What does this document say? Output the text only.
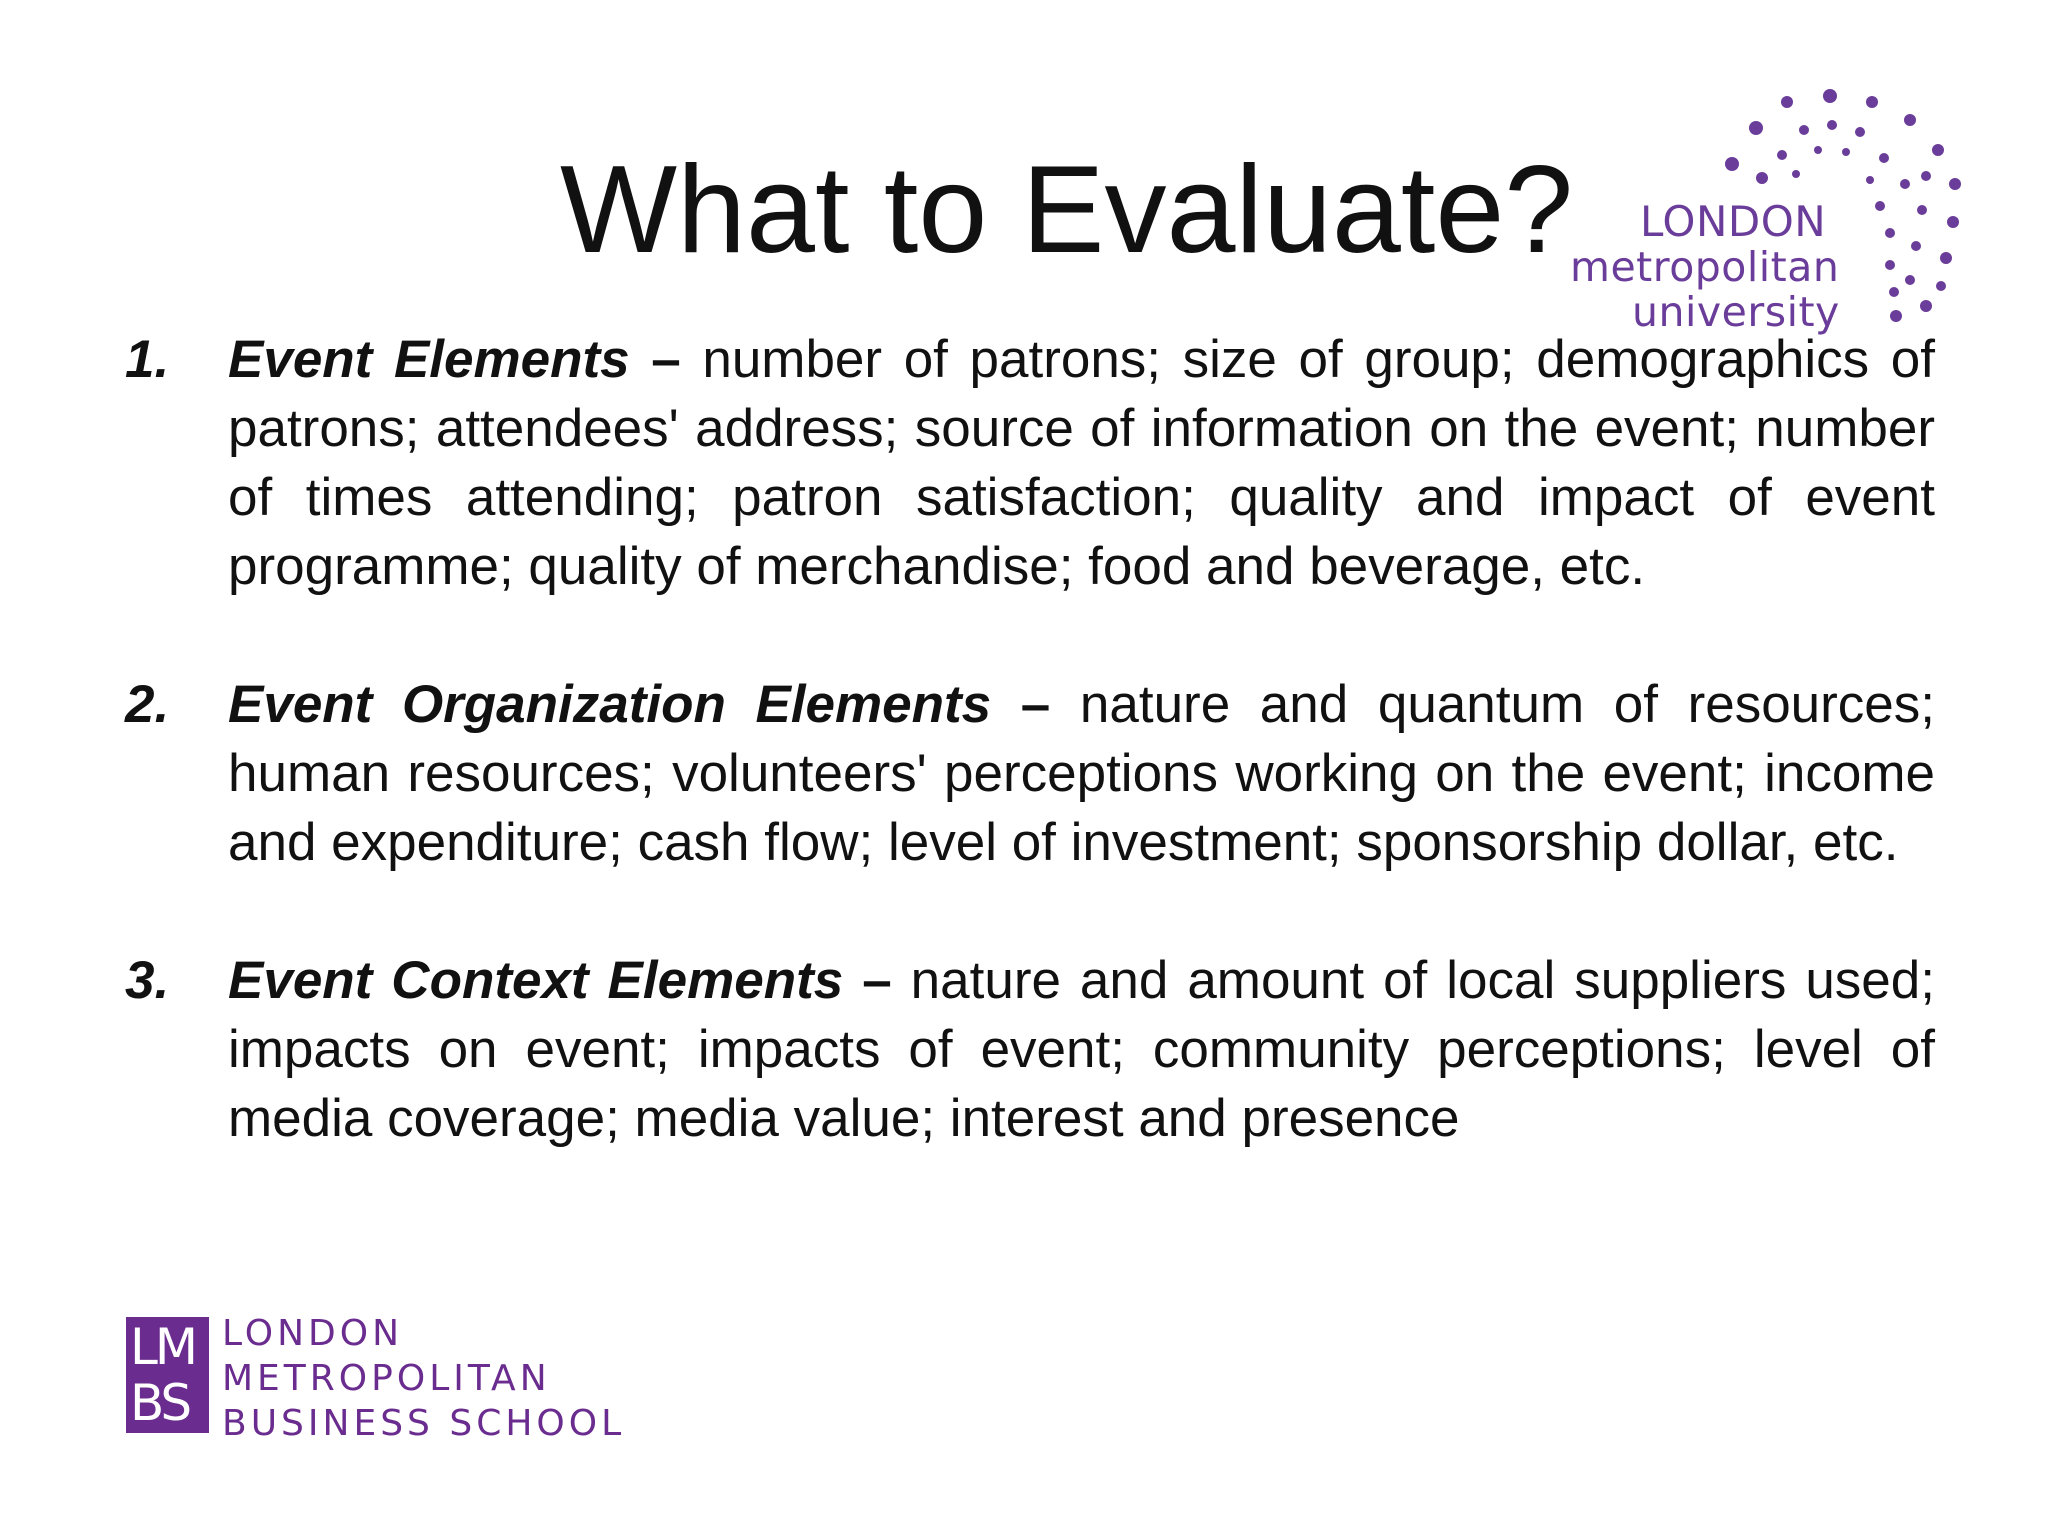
What to Evaluate? LONDON
metropolitan
university
1. Event Elements – number of patrons; size of group; demographics of patrons; attendees' address; source of information on the event; number of times attending; patron satisfaction; quality and impact of event programme; quality of merchandise; food and beverage, etc.

2. Event Organization Elements – nature and quantum of resources; human resources; volunteers' perceptions working on the event; income and expenditure; cash flow; level of investment; sponsorship dollar, etc.

3. Event Context Elements – nature and amount of local suppliers used; impacts on event; impacts of event; community perceptions; level of media coverage; media value; interest and presence

LM
BS
LONDON
METROPOLITAN
BUSINESS SCHOOL
